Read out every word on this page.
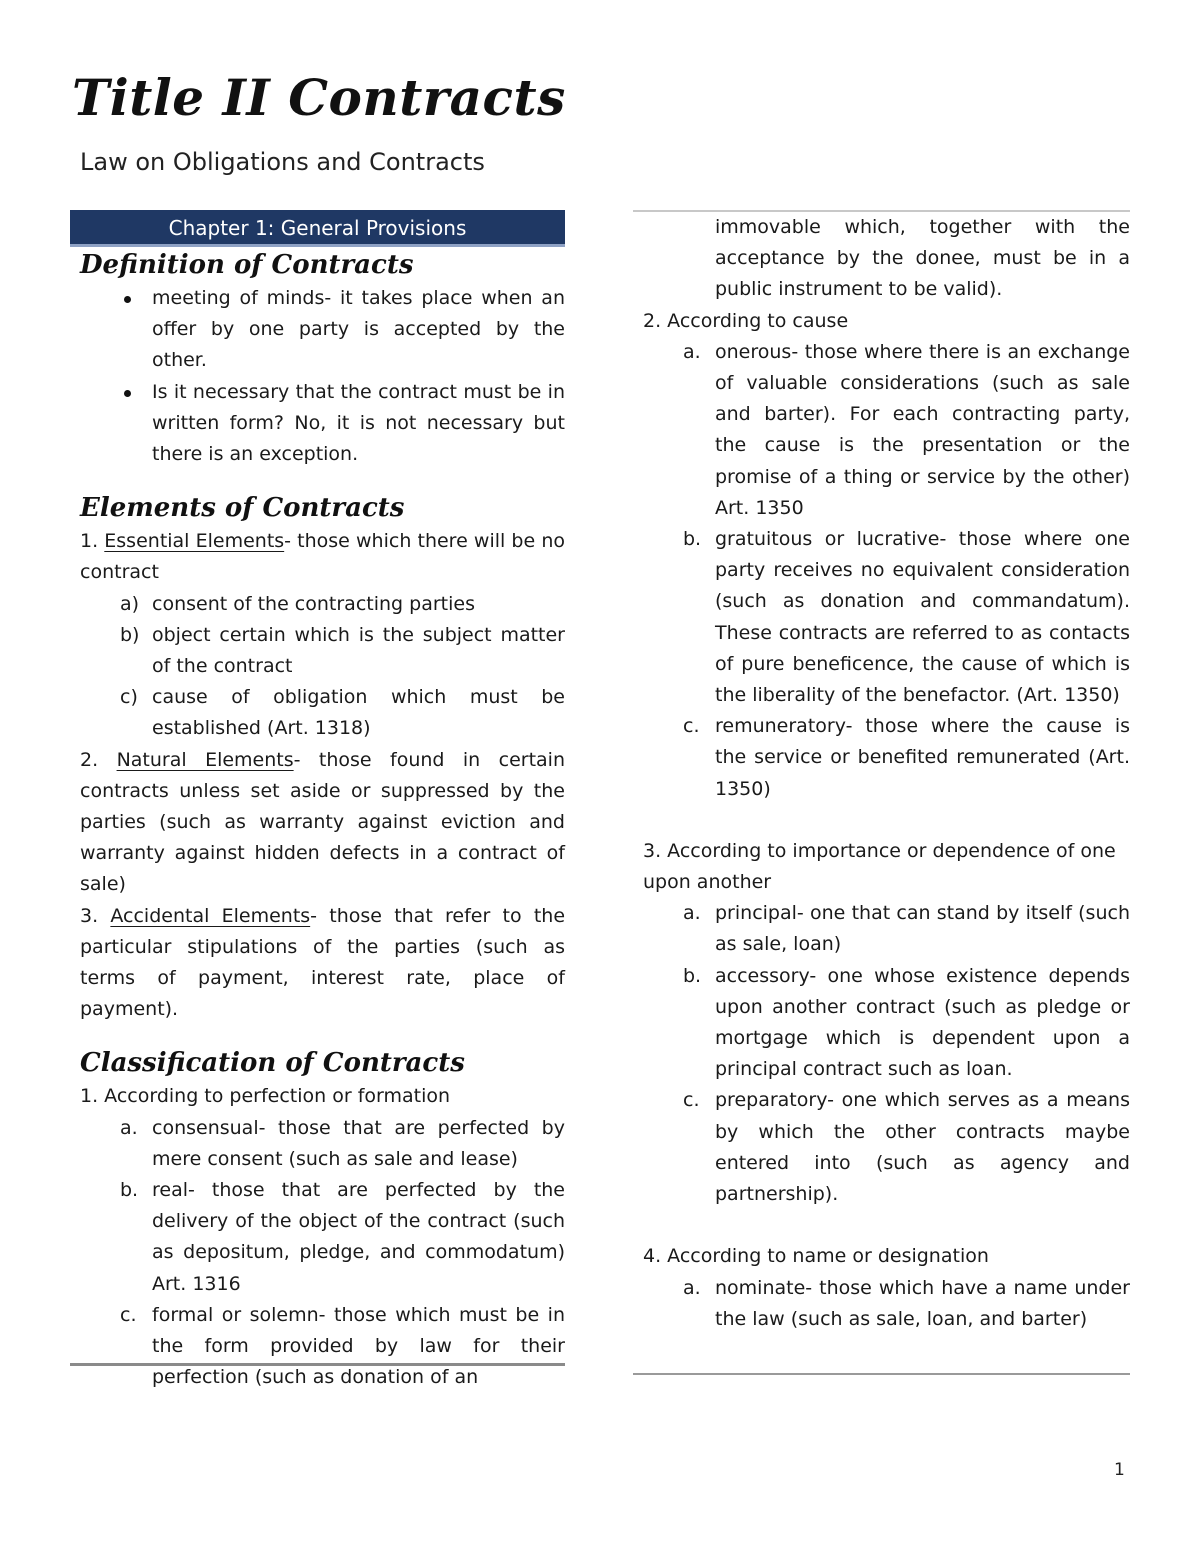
Title II Contracts
Law on Obligations and Contracts
Chapter 1: General Provisions
Definition of Contracts
meeting of minds- it takes place when an offer by one party is accepted by the other.
Is it necessary that the contract must be in written form? No, it is not necessary but there is an exception.
Elements of Contracts
1. Essential Elements- those which there will be no contract
a) consent of the contracting parties
b) object certain which is the subject matter of the contract
c) cause of obligation which must be established (Art. 1318)
2. Natural Elements- those found in certain contracts unless set aside or suppressed by the parties (such as warranty against eviction and warranty against hidden defects in a contract of sale)
3. Accidental Elements- those that refer to the particular stipulations of the parties (such as terms of payment, interest rate, place of payment).
Classification of Contracts
1. According to perfection or formation
a. consensual- those that are perfected by mere consent (such as sale and lease)
b. real- those that are perfected by the delivery of the object of the contract (such as depositum, pledge, and commodatum) Art. 1316
c. formal or solemn- those which must be in the form provided by law for their perfection (such as donation of an
immovable which, together with the acceptance by the donee, must be in a public instrument to be valid).
2. According to cause
a. onerous- those where there is an exchange of valuable considerations (such as sale and barter). For each contracting party, the cause is the presentation or the promise of a thing or service by the other) Art. 1350
b. gratuitous or lucrative- those where one party receives no equivalent consideration (such as donation and commandatum). These contracts are referred to as contacts of pure beneficence, the cause of which is the liberality of the benefactor. (Art. 1350)
c. remuneratory- those where the cause is the service or benefited remunerated (Art. 1350)
3. According to importance or dependence of one upon another
a. principal- one that can stand by itself (such as sale, loan)
b. accessory- one whose existence depends upon another contract (such as pledge or mortgage which is dependent upon a principal contract such as loan.
c. preparatory- one which serves as a means by which the other contracts maybe entered into (such as agency and partnership).
4. According to name or designation
a. nominate- those which have a name under the law (such as sale, loan, and barter)
1
